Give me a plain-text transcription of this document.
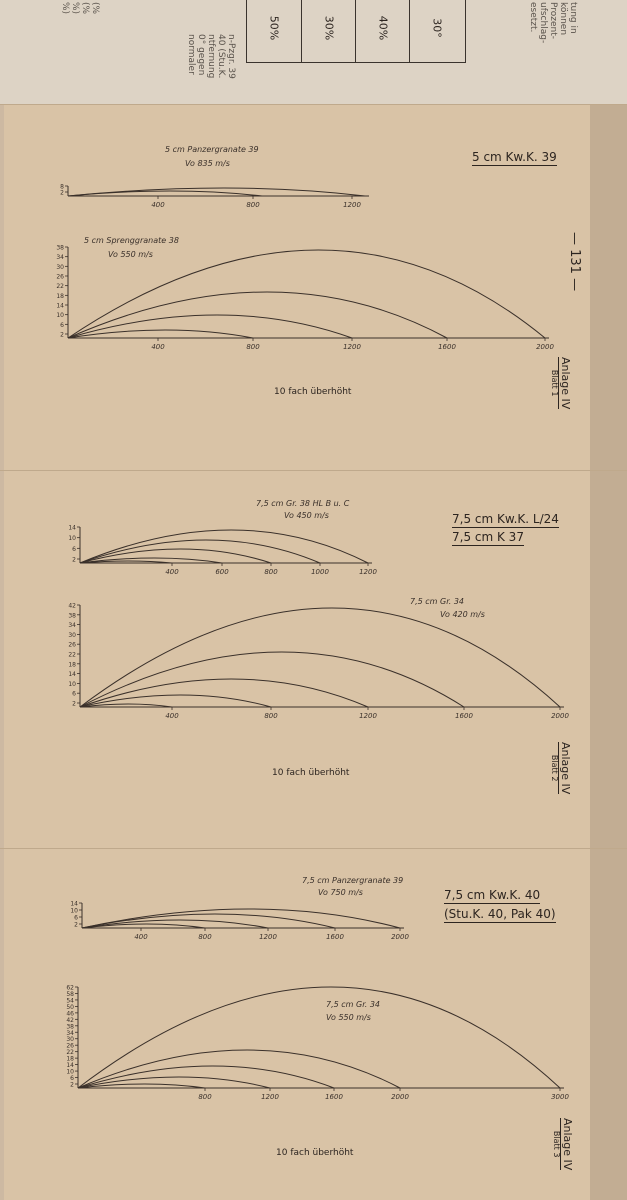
(%
(%
%)
%)
n-Pzgr. 39
40 (Stu.K.
ntfernung
0° gegen
normaler
50%	30%	40%	30°	tung in
können
Prozent-
ufschlag-
esetzt.
— 131 —
5 cm Kw.K. 39
Anlage IV
Blatt 1
10 fach überhöht
8
2
400	800	1200
5 cm Panzergranate 39
Vo 835 m/s
38
34
30
26
22
18
14
10
6
2
400	800	1200	1600	2000
5 cm Sprenggranate 38
Vo 550 m/s
14
10
6
2
400	600	800	1000	1200
7,5 cm Gr. 38 HL B u. C
Vo 450 m/s
42
38
34
30
26
22
18
14
10
6
2
400	800	1200	1600	2000
7,5 cm Gr. 34
Vo 420 m/s
14
10
6
2
400	800	1200	1600	2000
7,5 cm Panzergranate 39
Vo 750 m/s
62
58
54
50
46
42
38
34
30
26
22
18
14
10
6
2
800	1200	1600	2000	3000
7,5 cm Gr. 34
Vo 550 m/s
7,5 cm Kw.K. L/24
7,5 cm K 37
Anlage IV
Blatt 2
10 fach überhöht
7,5 cm Kw.K. 40
(Stu.K. 40, Pak 40)
Anlage IV
Blatt 3
10 fach überhöht
